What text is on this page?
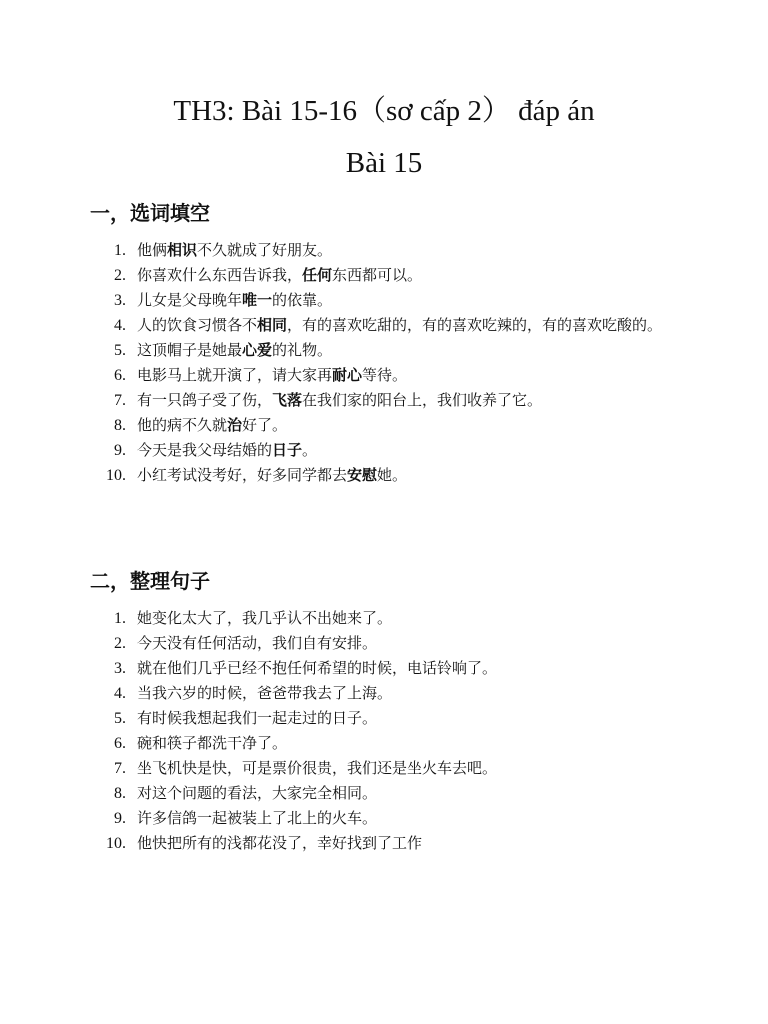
TH3: Bài 15-16（sơ cấp 2） đáp án
Bài 15
一，选词填空
1. 他俩相识不久就成了好朋友。
2. 你喜欢什么东西告诉我，任何东西都可以。
3. 儿女是父母晚年唯一的依靠。
4. 人的饮食习惯各不相同，有的喜欢吃甜的，有的喜欢吃辣的，有的喜欢吃酸的。
5. 这顶帽子是她最心爱的礼物。
6. 电影马上就开演了，请大家再耐心等待。
7. 有一只鸽子受了伤，飞落在我们家的阳台上，我们收养了它。
8. 他的病不久就治好了。
9. 今天是我父母结婚的日子。
10. 小红考试没考好，好多同学都去安慰她。
二，整理句子
1. 她变化太大了，我几乎认不出她来了。
2. 今天没有任何活动，我们自有安排。
3. 就在他们几乎已经不抱任何希望的时候，电话铃响了。
4. 当我六岁的时候，爸爸带我去了上海。
5. 有时候我想起我们一起走过的日子。
6. 碗和筷子都洗干净了。
7. 坐飞机快是快，可是票价很贵，我们还是坐火车去吧。
8. 对这个问题的看法，大家完全相同。
9. 许多信鸽一起被装上了北上的火车。
10. 他快把所有的浅都花没了，幸好找到了工作
